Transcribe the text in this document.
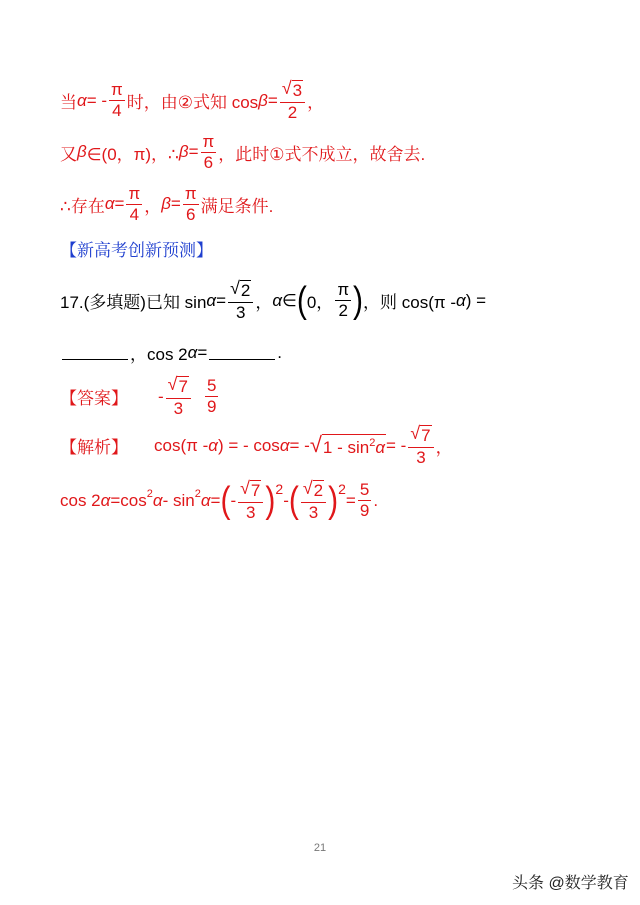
当 α = - $\frac{\pi}{4}$ 时，由②式知 $\cos \beta = \frac{√ 3}{2}$ ，
又 β ∈(0，π)，∴ $\beta = \frac{\pi}{6}$ ，此时①式不成立，故舍去.
∴存在 $\alpha = \frac{\pi}{4}$ ， $\beta = \frac{\pi}{6}$ 满足条件.
【新高考创新预测】
17.(多填题)已知 $\sin \alpha = \frac{√ 2}{3}$ ， α ∈ ( 0， $\frac{\pi}{2}$ ) ，则 cos(π - α ) =
，cos 2 α =	.
【答案】 - $\frac{√ 7}{3} \frac{5}{9}$
【解析】 cos(π - α ) = - cos α = - √ $1 - \sin^2\alpha$ = - $\frac{√ 7}{3}$ ，
cos 2 α =cos 2 α - sin 2 α = ( - $\frac{√ 7}{3}$ ) 2
- ( $\frac{√ 2}{3}$ ) 2
= $\frac{5}{9}$ .
21
头条 @数学教育
